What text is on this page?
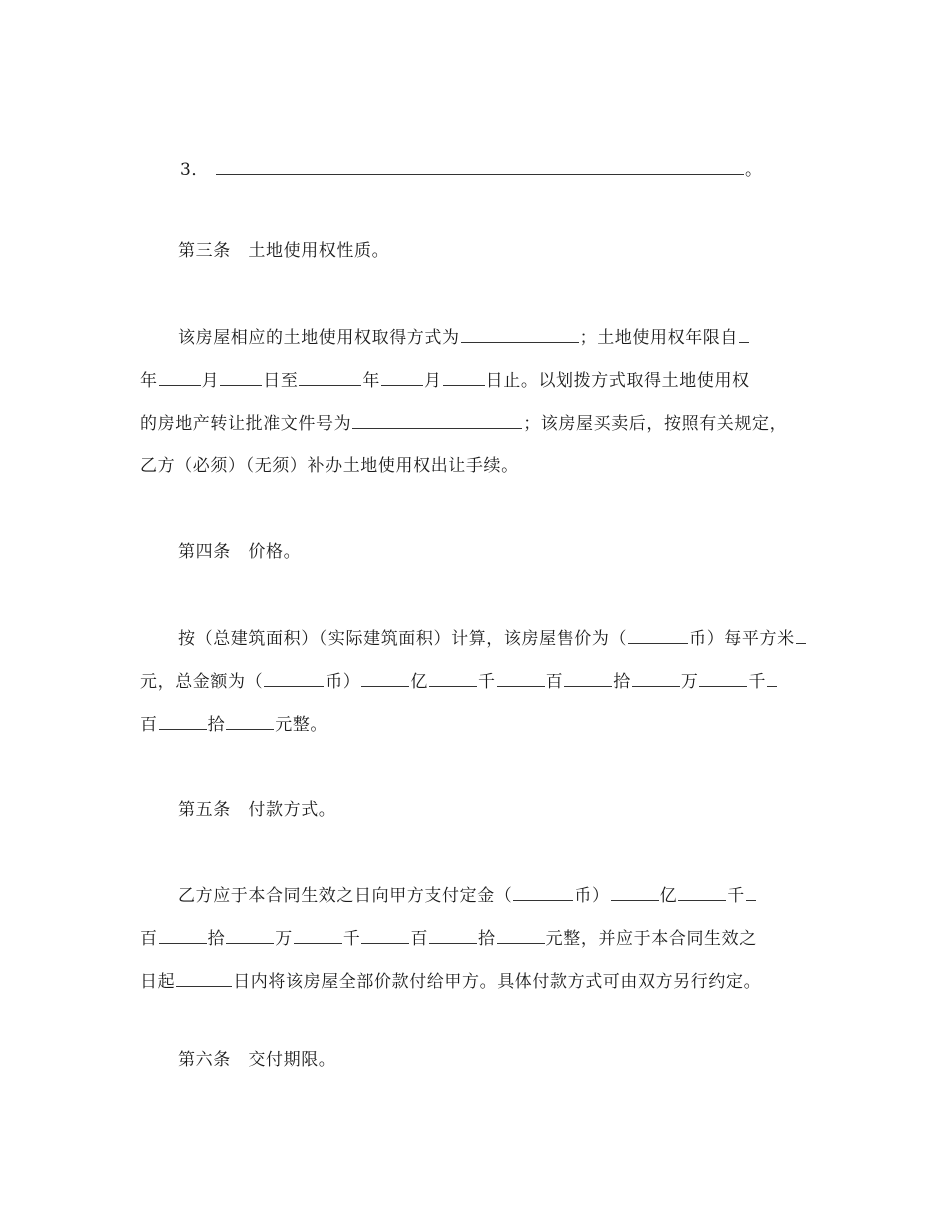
3．	。
第三条　土地使用权性质。
该房屋相应的土地使用权取得方式为	；土地使用权年限自
年	月	日至	年	月	日止。以划拨方式取得土地使用权
的房地产转让批准文件号为	；该房屋买卖后，按照有关规定，
乙方（必须）（无须）补办土地使用权出让手续。
第四条　价格。
按（总建筑面积）（实际建筑面积）计算，该房屋售价为（	币）每平方米
元，总金额为（	币）	亿	千	百	拾	万	千
百	拾	元整。
第五条　付款方式。
乙方应于本合同生效之日向甲方支付定金（	币）	亿	千
百	拾	万	千	百	拾	元整，并应于本合同生效之
日起	日内将该房屋全部价款付给甲方。具体付款方式可由双方另行约定。
第六条　交付期限。
